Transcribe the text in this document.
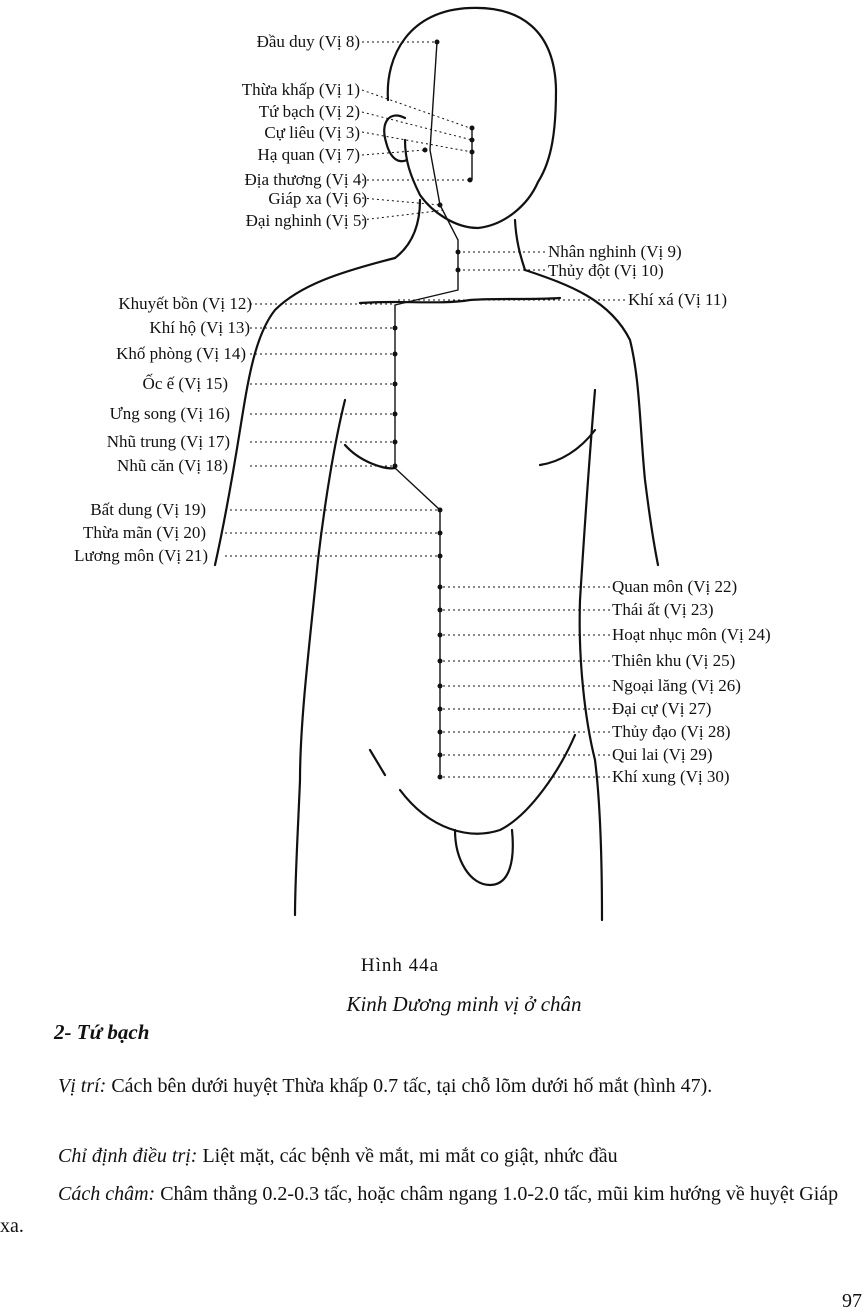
Đầu duy (Vị 8)
Thừa khấp (Vị 1)
Tứ bạch (Vị 2)
Cự liêu (Vị 3)
Hạ quan (Vị 7)
Địa thương (Vị 4)
Giáp xa (Vị 6)
Đại nghinh (Vị 5)
Khuyết bồn (Vị 12)
Khí hộ (Vị 13)
Khố phòng (Vị 14)
Ốc ế (Vị 15)
Ưng song (Vị 16)
Nhũ trung (Vị 17)
Nhũ căn (Vị 18)
Bất dung (Vị 19)
Thừa mãn (Vị 20)
Lương môn (Vị 21)
Nhân nghinh (Vị 9)
Thủy đột (Vị 10)
Khí xá (Vị 11)
Quan môn (Vị 22)
Thái ất (Vị 23)
Hoạt nhục môn (Vị 24)
Thiên khu (Vị 25)
Ngoại lăng (Vị 26)
Đại cự (Vị 27)
Thủy đạo (Vị 28)
Qui lai (Vị 29)
Khí xung (Vị 30)
Hình 44a
Kinh Dương minh vị ở chân
2- Tứ bạch
Vị trí: Cách bên dưới huyệt Thừa khấp 0.7 tấc, tại chỗ lõm dưới hố mắt (hình 47).
Chỉ định điều trị: Liệt mặt, các bệnh về mắt, mi mắt co giật, nhức đầu
Cách châm: Châm thẳng 0.2-0.3 tấc, hoặc châm ngang 1.0-2.0 tấc, mũi kim hướng về huyệt Giáp xa.
97
